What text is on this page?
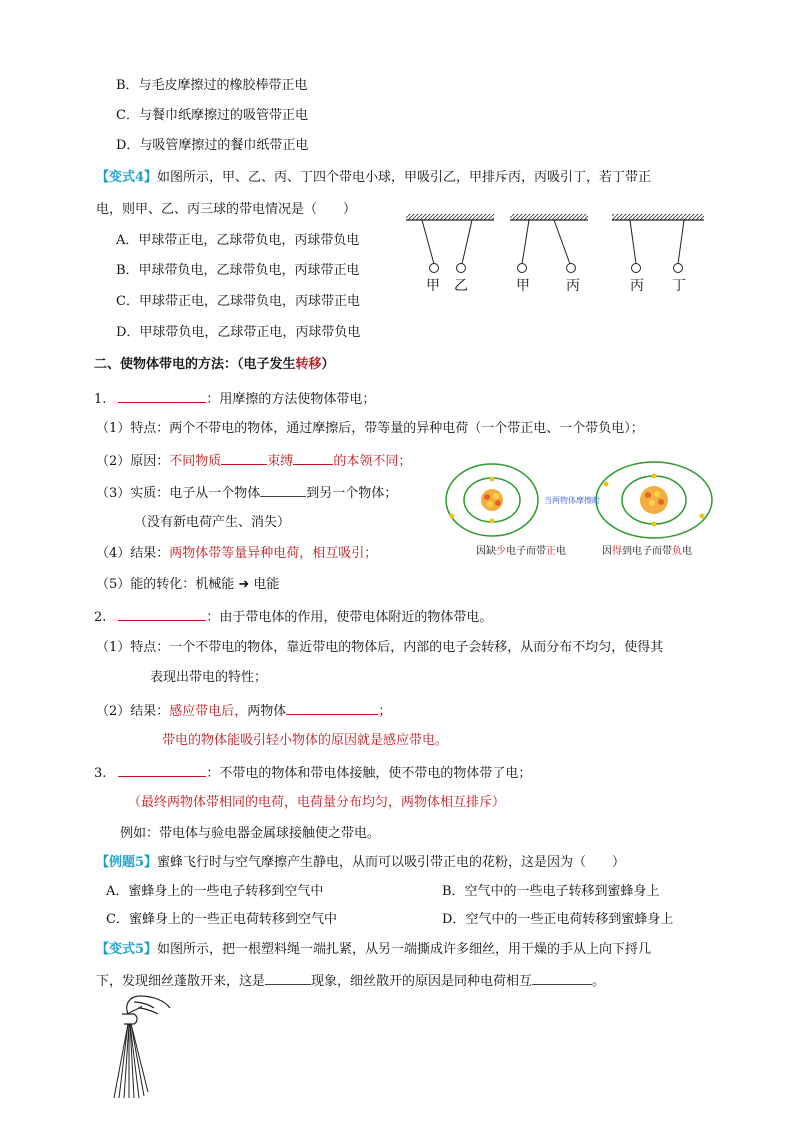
B．与毛皮摩擦过的橡胶棒带正电
C．与餐巾纸摩擦过的吸管带正电
D．与吸管摩擦过的餐巾纸带正电
【变式4】如图所示，甲、乙、丙、丁四个带电小球，甲吸引乙，甲排斥丙，丙吸引丁，若丁带正
电，则甲、乙、丙三球的带电情况是（　　）
A．甲球带正电，乙球带负电，丙球带负电
B．甲球带负电，乙球带负电，丙球带正电
C．甲球带正电，乙球带负电，丙球带正电
D．甲球带负电，乙球带正电，丙球带负电
甲 乙	甲	丙	丙 丁
二、使物体带电的方法：（电子发生转移）
1.	：用摩擦的方法使物体带电；
（1）特点：两个不带电的物体，通过摩擦后，带等量的异种电荷（一个带正电、一个带负电）；
（2）原因：不同物质	束缚	的本领不同；
（3）实质：电子从一个物体	到另一个物体；
（没有新电荷产生、消失）
（4）结果：两物体带等量异种电荷，相互吸引；
（5）能的转化：机械能 ➜ 电能
当两物体摩擦时
因缺少电子而带正电	因得到电子而带负电
2.	：由于带电体的作用，使带电体附近的物体带电。
（1）特点：一个不带电的物体，靠近带电的物体后，内部的电子会转移，从而分布不均匀，使得其
表现出带电的特性；
（2）结果：感应带电后，两物体	；
带电的物体能吸引轻小物体的原因就是感应带电。
3.	：不带电的物体和带电体接触，使不带电的物体带了电；
（最终两物体带相同的电荷，电荷量分布均匀，两物体相互排斥）
例如：带电体与验电器金属球接触使之带电。
【例题5】蜜蜂飞行时与空气摩擦产生静电，从而可以吸引带正电的花粉，这是因为（　　）
A．蜜蜂身上的一些电子转移到空气中	B．空气中的一些电子转移到蜜蜂身上
C．蜜蜂身上的一些正电荷转移到空气中	D．空气中的一些正电荷转移到蜜蜂身上
【变式5】如图所示，把一根塑料绳一端扎紧，从另一端撕成许多细丝，用干燥的手从上向下捋几
下，发现细丝蓬散开来，这是	现象，细丝散开的原因是同种电荷相互	。
